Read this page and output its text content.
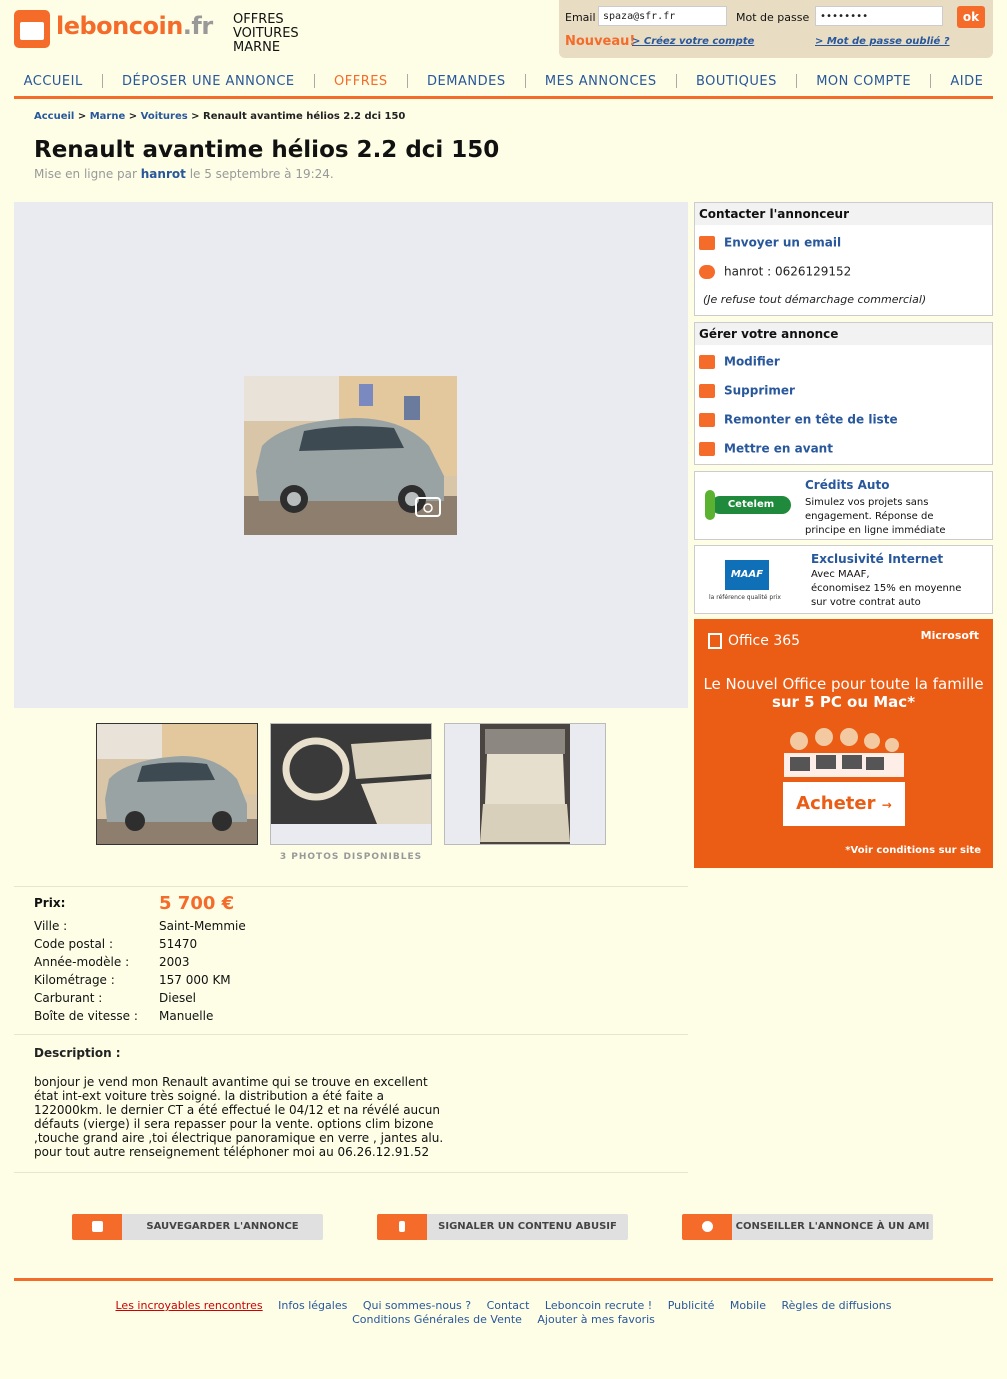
leboncoin.fr OFFRES
VOITURES
MARNE
Email spaza@sfr.fr	Mot de passe	••••••••	ok
Nouveau!
> Créez votre compte	> Mot de passe oublié ?
ACCUEIL	DÉPOSER UNE ANNONCE	OFFRES	DEMANDES	MES ANNONCES	BOUTIQUES	MON COMPTE	AIDE
Accueil > Marne > Voitures > Renault avantime hélios 2.2 dci 150
Renault avantime hélios 2.2 dci 150
Mise en ligne par hanrot le 5 septembre à 19:24.
3 PHOTOS DISPONIBLES
Prix:	5 700 €
Ville :	Saint-Memmie
Code postal :	51470
Année-modèle : 2003
Kilométrage :	157 000 KM
Carburant :	Diesel
Boîte de vitesse : Manuelle
Description :
bonjour je vend mon Renault avantime qui se trouve en excellent
état int-ext voiture très soigné. la distribution a été faite a
122000km. le dernier CT a été effectué le 04/12 et na révélé aucun
défauts (vierge) il sera repasser pour la vente. options clim bizone
,touche grand aire ,toi électrique panoramique en verre , jantes alu.
pour tout autre renseignement téléphoner moi au 06.26.12.91.52
SAUVEGARDER L'ANNONCE	SIGNALER UN CONTENU ABUSIF	CONSEILLER L'ANNONCE À UN AMI
Les incroyables rencontres Infos légales Qui sommes-nous ? Contact Leboncoin recrute ! Publicité Mobile Règles de diffusions
Conditions Générales de Vente Ajouter à mes favoris
Contacter l'annonceur
Envoyer un email
hanrot : 0626129152
(Je refuse tout démarchage commercial)
Gérer votre annonce
Modifier
Supprimer
Remonter en tête de liste
Mettre en avant
Cetelem
Crédits Auto
Simulez vos projets sans
engagement. Réponse de
principe en ligne immédiate
MAAF
la référence qualité prix
Exclusivité Internet
Avec MAAF,
économisez 15% en moyenne
sur votre contrat auto
Office 365	Microsoft
Le Nouvel Office pour toute la famille
sur 5 PC ou Mac*
Acheter →
*Voir conditions sur site
